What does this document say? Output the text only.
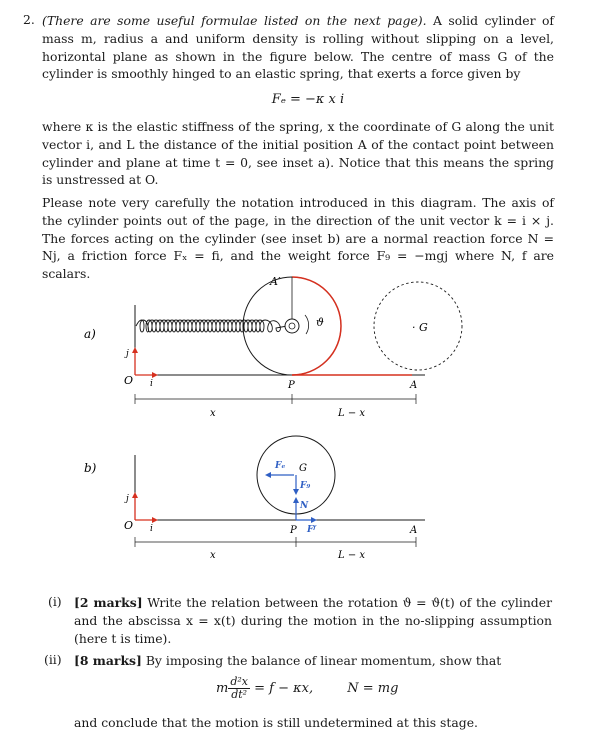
2. (There are some useful formulae listed on the next page). A solid cylinder of mass m, radius a and uniform density is rolling without slipping on a level, horizontal plane as shown in the figure below. The centre of mass G of the cylinder is smoothly hinged to an elastic spring, that exerts a force given by
Fₑ = −κ x i
where κ is the elastic stiffness of the spring, x the coordinate of G along the unit vector i, and L the distance of the initial position A of the contact point between cylinder and plane at time t = 0, see inset a). Notice that this means the spring is unstressed at O.
Please note very carefully the notation introduced in this diagram. The axis of the cylinder points out of the page, in the direction of the unit vector k = i × j. The forces acting on the cylinder (see inset b) are a normal reaction force N = Nj, a friction force Fₓ = fi, and the weight force F₉ = −mgj where N, f are scalars.
a)
A′
ϑ	· G
j
i
O	P	A
x	L − x
b)	Fₑ G
F₉
N
j
i
O	P Fᶠ	A
x	L − x
(i) [2 marks] Write the relation between the rotation ϑ = ϑ(t) of the cylinder and the abscissa x = x(t) during the motion in the no-slipping assumption (here t is time).
(ii) [8 marks] By imposing the balance of linear momentum, show that
m $\frac{\text{d²x}}{\text{dt²}} = f - \kappa x$,	N = mg
and conclude that the motion is still undetermined at this stage.
